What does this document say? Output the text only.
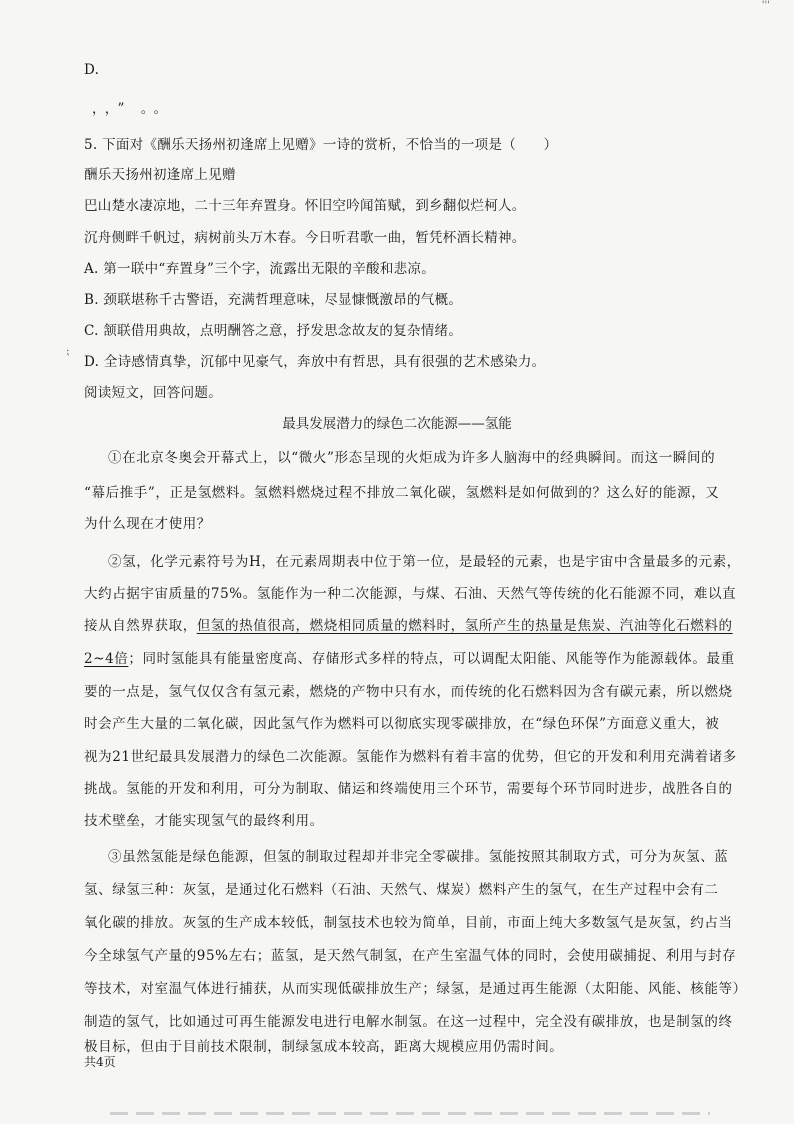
'''
D.
，，” 。。
5. 下面对《酬乐天扬州初逢席上见赠》一诗的赏析，不恰当的一项是（　　）
酬乐天扬州初逢席上见赠
巴山楚水凄凉地，二十三年弃置身。怀旧空吟闻笛赋，到乡翻似烂柯人。
沉舟侧畔千帆过，病树前头万木春。今日听君歌一曲，暂凭杯酒长精神。
A. 第一联中“弃置身”三个字，流露出无限的辛酸和悲凉。
B. 颈联堪称千古警语，充满哲理意味，尽显慷慨激昂的气概。
C. 颔联借用典故，点明酬答之意，抒发思念故友的复杂情绪。
⁏
D. 全诗感情真挚，沉郁中见豪气，奔放中有哲思，具有很强的艺术感染力。
阅读短文，回答问题。
最具发展潜力的绿色二次能源——氢能
①在北京冬奥会开幕式上，以“微火”形态呈现的火炬成为许多人脑海中的经典瞬间。而这一瞬间的
“幕后推手”，正是氢燃料。氢燃料燃烧过程不排放二氧化碳，氢燃料是如何做到的？这么好的能源，又
为什么现在才使用？
②氢，化学元素符号为H，在元素周期表中位于第一位，是最轻的元素，也是宇宙中含量最多的元素，
大约占据宇宙质量的75%。氢能作为一种二次能源，与煤、石油、天然气等传统的化石能源不同，难以直
接从自然界获取，但氢的热值很高，燃烧相同质量的燃料时，氢所产生的热量是焦炭、汽油等化石燃料的
2~4倍；同时氢能具有能量密度高、存储形式多样的特点，可以调配太阳能、风能等作为能源载体。最重
要的一点是，氢气仅仅含有氢元素，燃烧的产物中只有水，而传统的化石燃料因为含有碳元素，所以燃烧
时会产生大量的二氧化碳，因此氢气作为燃料可以彻底实现零碳排放，在“绿色环保”方面意义重大，被
视为21世纪最具发展潜力的绿色二次能源。氢能作为燃料有着丰富的优势，但它的开发和利用充满着诸多
挑战。氢能的开发和利用，可分为制取、储运和终端使用三个环节，需要每个环节同时进步，战胜各自的
技术壁垒，才能实现氢气的最终利用。
③虽然氢能是绿色能源，但氢的制取过程却并非完全零碳排。氢能按照其制取方式，可分为灰氢、蓝
氢、绿氢三种：灰氢，是通过化石燃料（石油、天然气、煤炭）燃料产生的氢气，在生产过程中会有二
氧化碳的排放。灰氢的生产成本较低，制氢技术也较为简单，目前，市面上纯大多数氢气是灰氢，约占当
今全球氢气产量的95%左右；蓝氢，是天然气制氢，在产生室温气体的同时，会使用碳捕捉、利用与封存
等技术，对室温气体进行捕获，从而实现低碳排放生产；绿氢，是通过再生能源（太阳能、风能、核能等）
制造的氢气，比如通过可再生能源发电进行电解水制氢。在这一过程中，完全没有碳排放，也是制氢的终
极目标，但由于目前技术限制，制绿氢成本较高，距离大规模应用仍需时间。
共4页
